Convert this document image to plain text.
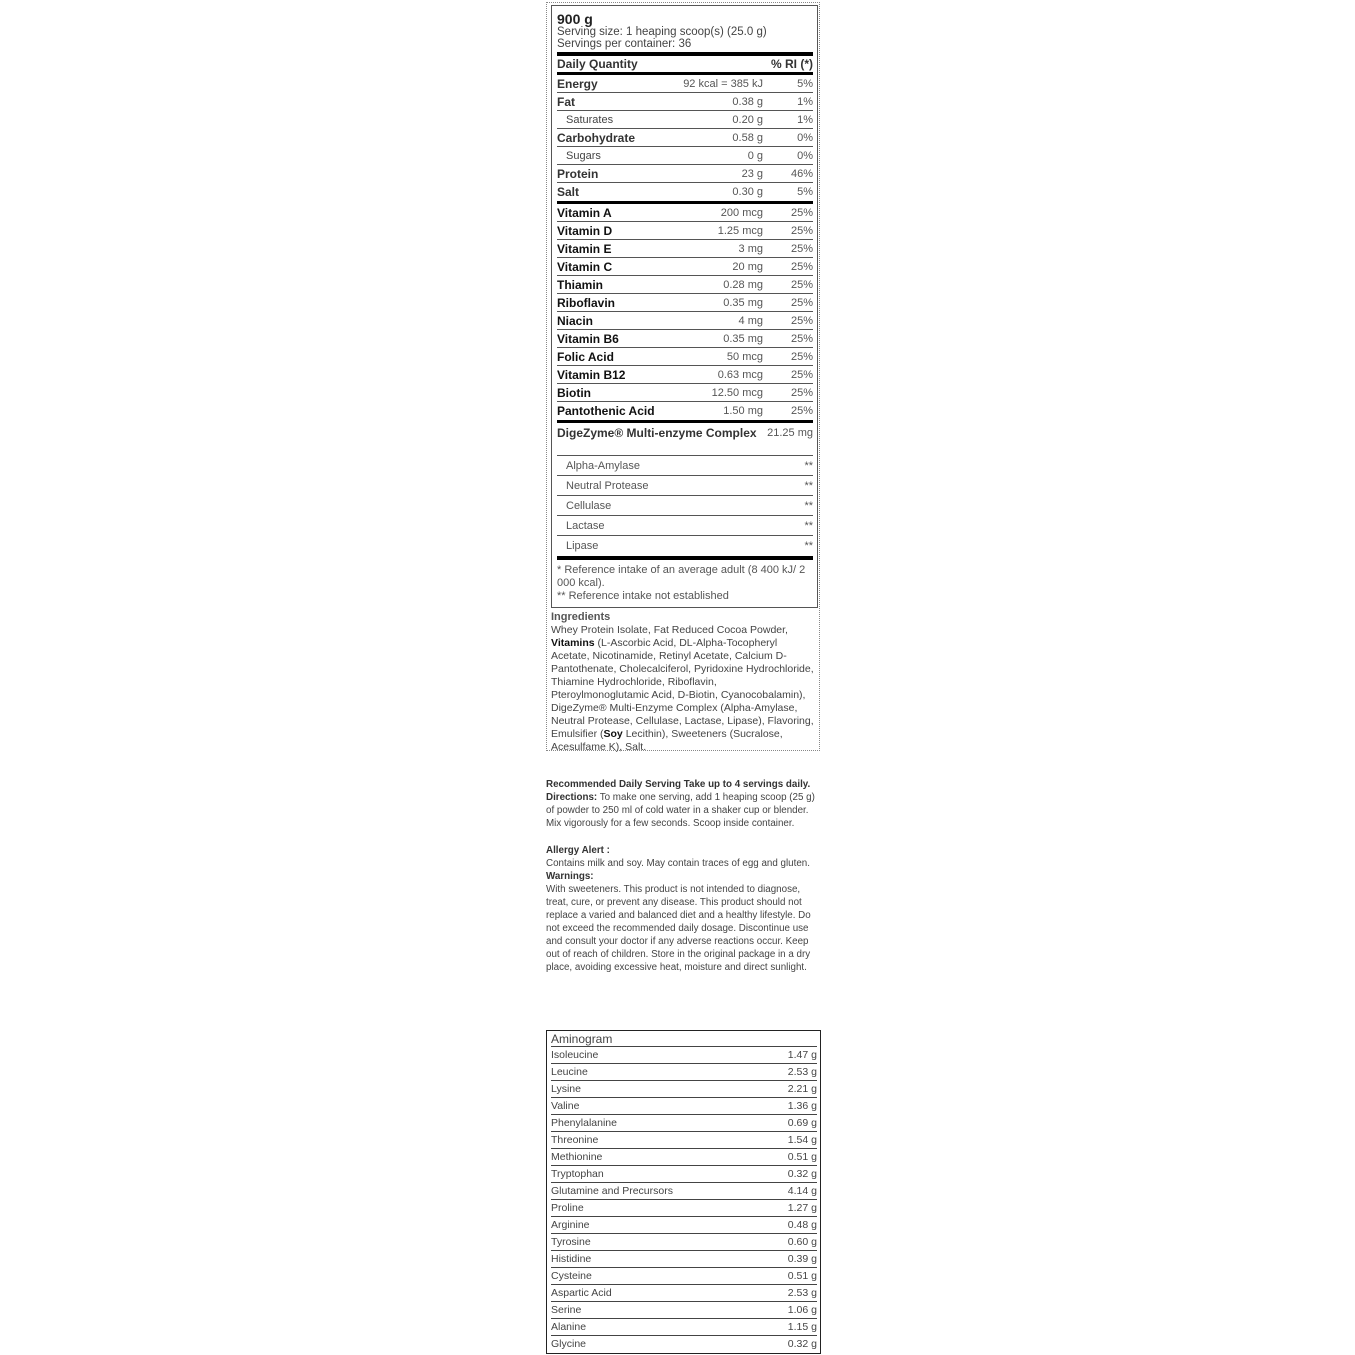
900 g
Serving size: 1 heaping scoop(s) (25.0 g)
Servings per container: 36
Daily Quantity	% RI (*)
Energy	92 kcal = 385 kJ	5%
Fat	0.38 g	1%
Saturates	0.20 g	1%
Carbohydrate	0.58 g	0%
Sugars	0 g	0%
Protein	23 g	46%
Salt	0.30 g	5%
Vitamin A	200 mcg	25%
Vitamin D	1.25 mcg	25%
Vitamin E	3 mg	25%
Vitamin C	20 mg	25%
Thiamin	0.28 mg	25%
Riboflavin	0.35 mg	25%
Niacin	4 mg	25%
Vitamin B6	0.35 mg	25%
Folic Acid	50 mcg	25%
Vitamin B12	0.63 mcg	25%
Biotin	12.50 mcg	25%
Pantothenic Acid	1.50 mg	25%
DigeZyme® Multi-enzyme Complex 21.25 mg
Alpha-Amylase	**
Neutral Protease	**
Cellulase	**
Lactase	**
Lipase	**
* Reference intake of an average adult (8 400 kJ/ 2 000 kcal).
** Reference intake not established
Ingredients
Whey Protein Isolate, Fat Reduced Cocoa Powder, Vitamins (L-Ascorbic Acid, DL-Alpha-Tocopheryl Acetate, Nicotinamide, Retinyl Acetate, Calcium D-Pantothenate, Cholecalciferol, Pyridoxine Hydrochloride, Thiamine Hydrochloride, Riboflavin, Pteroylmonoglutamic Acid, D-Biotin, Cyanocobalamin), DigeZyme® Multi-Enzyme Complex (Alpha-Amylase, Neutral Protease, Cellulase, Lactase, Lipase), Flavoring, Emulsifier (Soy Lecithin), Sweeteners (Sucralose, Acesulfame K), Salt.
Recommended Daily Serving Take up to 4 servings daily. Directions: To make one serving, add 1 heaping scoop (25 g) of powder to 250 ml of cold water in a shaker cup or blender. Mix vigorously for a few seconds. Scoop inside container.
Allergy Alert :
Contains milk and soy. May contain traces of egg and gluten.
Warnings:
With sweeteners. This product is not intended to diagnose, treat, cure, or prevent any disease. This product should not replace a varied and balanced diet and a healthy lifestyle. Do not exceed the recommended daily dosage. Discontinue use and consult your doctor if any adverse reactions occur. Keep out of reach of children. Store in the original package in a dry place, avoiding excessive heat, moisture and direct sunlight.
Aminogram
Isoleucine	1.47 g
Leucine	2.53 g
Lysine	2.21 g
Valine	1.36 g
Phenylalanine	0.69 g
Threonine	1.54 g
Methionine	0.51 g
Tryptophan	0.32 g
Glutamine and Precursors	4.14 g
Proline	1.27 g
Arginine	0.48 g
Tyrosine	0.60 g
Histidine	0.39 g
Cysteine	0.51 g
Aspartic Acid	2.53 g
Serine	1.06 g
Alanine	1.15 g
Glycine	0.32 g
